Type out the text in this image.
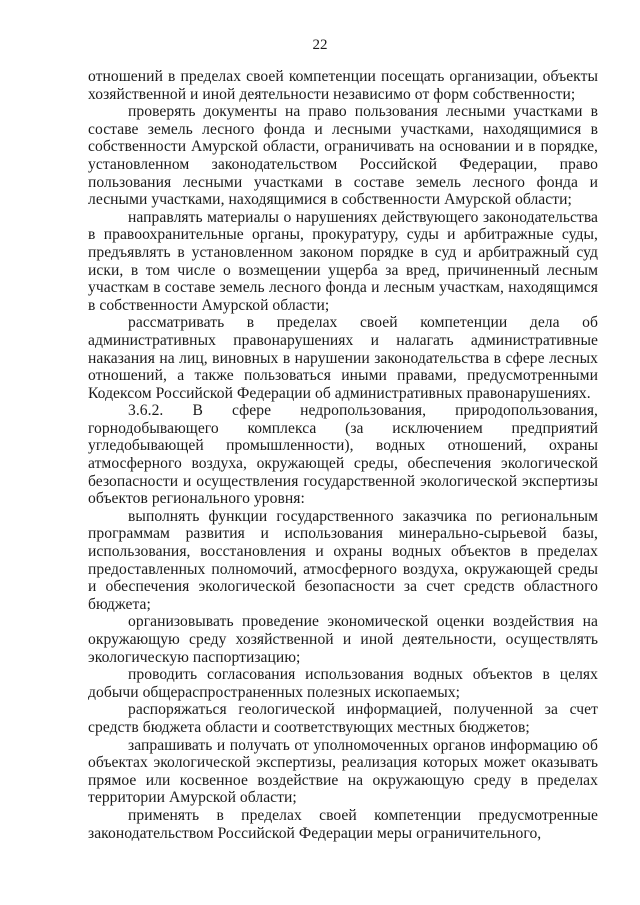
22

отношений в пределах своей компетенции посещать организации, объекты хозяйственной и иной деятельности независимо от форм собственности;

проверять документы на право пользования лесными участками в составе земель лесного фонда и лесными участками, находящимися в собственности Амурской области, ограничивать на основании и в порядке, установленном законодательством Российской Федерации, право пользования лесными участками в составе земель лесного фонда и лесными участками, находящимися в собственности Амурской области;

направлять материалы о нарушениях действующего законодательства в правоохранительные органы, прокуратуру, суды и арбитражные суды, предъявлять в установленном законом порядке в суд и арбитражный суд иски, в том числе о возмещении ущерба за вред, причиненный лесным участкам в составе земель лесного фонда и лесным участкам, находящимся в собственности Амурской области;

рассматривать в пределах своей компетенции дела об административных правонарушениях и налагать административные наказания на лиц, виновных в нарушении законодательства в сфере лесных отношений, а также пользоваться иными правами, предусмотренными Кодексом Российской Федерации об административных правонарушениях.

3.6.2. В сфере недропользования, природопользования, горнодобывающего комплекса (за исключением предприятий угледобывающей промышленности), водных отношений, охраны атмосферного воздуха, окружающей среды, обеспечения экологической безопасности и осуществления государственной экологической экспертизы объектов регионального уровня:

выполнять функции государственного заказчика по региональным программам развития и использования минерально-сырьевой базы, использования, восстановления и охраны водных объектов в пределах предоставленных полномочий, атмосферного воздуха, окружающей среды и обеспечения экологической безопасности за счет средств областного бюджета;

организовывать проведение экономической оценки воздействия на окружающую среду хозяйственной и иной деятельности, осуществлять экологическую паспортизацию;

проводить согласования использования водных объектов в целях добычи общераспространенных полезных ископаемых;

распоряжаться геологической информацией, полученной за счет средств бюджета области и соответствующих местных бюджетов;

запрашивать и получать от уполномоченных органов информацию об объектах экологической экспертизы, реализация которых может оказывать прямое или косвенное воздействие на окружающую среду в пределах территории Амурской области;

применять в пределах своей компетенции предусмотренные законодательством Российской Федерации меры ограничительного,
